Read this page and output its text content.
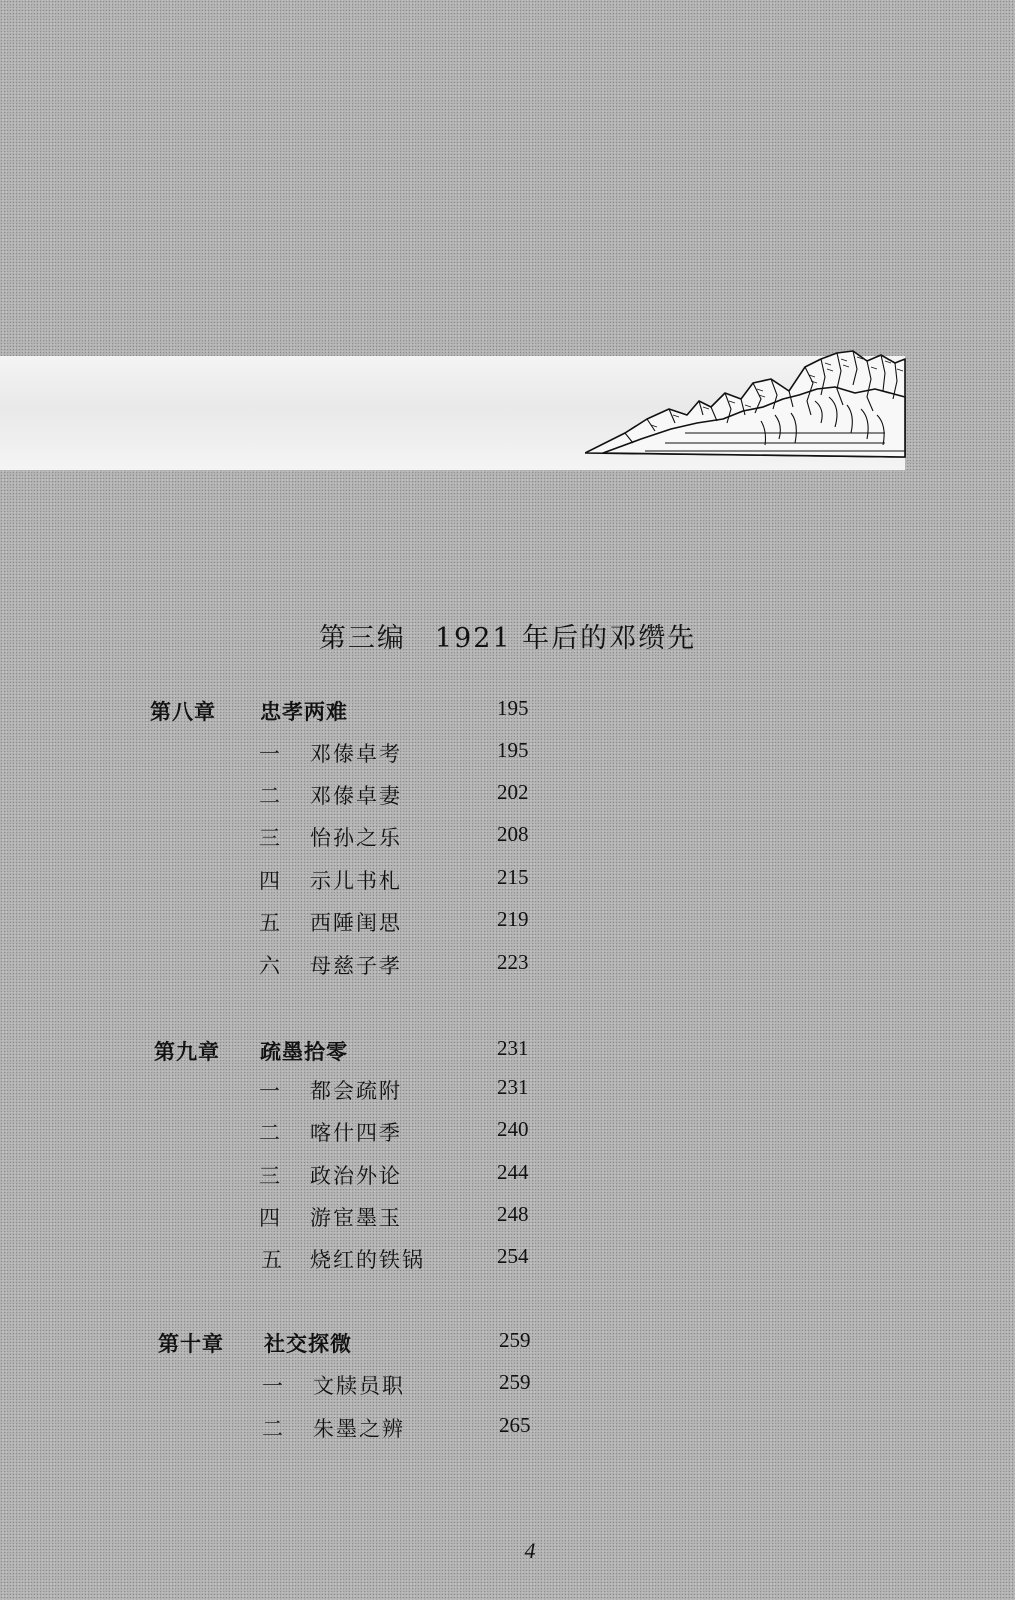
第三编　1921 年后的邓缵先
第八章 忠孝两难	195
一 邓傣卓考	195
二 邓傣卓妻	202
三 怡孙之乐	208
四 示儿书札	215
五 西陲闺思	219
六 母慈子孝	223
第九章 疏墨拾零	231
一 都会疏附	231
二 喀什四季	240
三 政治外论	244
四 游宦墨玉	248
五 烧红的铁锅	254
第十章 社交探微	259
一 文牍员职	259
二 朱墨之辨	265
4
